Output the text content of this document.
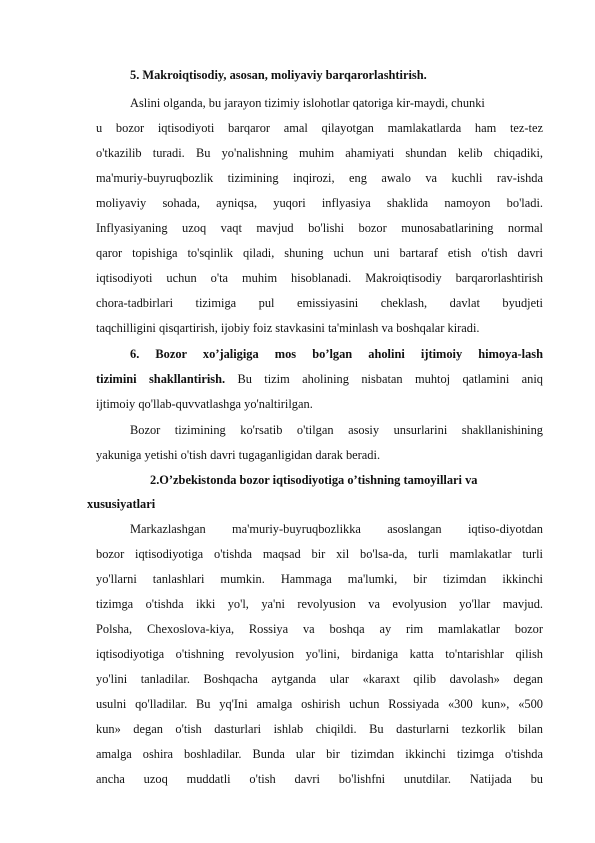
5. Makroiqtisodiy, asosan, moliyaviy barqarorlashtirish.
Aslini olganda, bu jarayon tizimiy islohotlar qatoriga kir-maydi, chunki
u bozor iqtisodiyoti barqaror amal qilayotgan mamlakatlarda ham tez-tez
o'tkazilib turadi. Bu yo'nalishning muhim ahamiyati shundan kelib chiqadiki,
ma'muriy-buyruqbozlik tizimining inqirozi, eng awalo va kuchli rav-ishda
moliyaviy sohada, ayniqsa, yuqori inflyasiya shaklida namoyon bo'ladi.
Inflyasiyaning uzoq vaqt mavjud bo'lishi bozor munosabatlarining normal
qaror topishiga to'sqinlik qiladi, shuning uchun uni bartaraf etish o'tish davri
iqtisodiyoti uchun o'ta muhim hisoblanadi. Makroiqtisodiy barqarorlashtirish
chora-tadbirlari tizimiga pul emissiyasini cheklash, davlat byudjeti
taqchilligini qisqartirish, ijobiy foiz stavkasini ta'minlash va boshqalar kiradi.
6. Bozor xo’jaligiga mos bo’lgan aholini ijtimoiy himoya-lash
tizimini shakllantirish. Bu tizim aholining nisbatan muhtoj qatlamini aniq
ijtimoiy qo'llab-quvvatlashga yo'naltirilgan.
Bozor tizimining ko'rsatib o'tilgan asosiy unsurlarini shakllanishining
yakuniga yetishi o'tish davri tugaganligidan darak beradi.
2.O’zbekistonda bozor iqtisodiyotiga o’tishning tamoyillari va
xususiyatlari
Markazlashgan ma'muriy-buyruqbozlikka asoslangan iqtiso-diyotdan
bozor iqtisodiyotiga o'tishda maqsad bir xil bo'lsa-da, turli mamlakatlar turli
yo'llarni tanlashlari mumkin. Hammaga ma'lumki, bir tizimdan ikkinchi
tizimga o'tishda ikki yo'l, ya'ni revolyusion va evolyusion yo'llar mavjud.
Polsha, Chexoslova-kiya, Rossiya va boshqa ay rim mamlakatlar bozor
iqtisodiyotiga o'tishning revolyusion yo'lini, birdaniga katta to'ntarishlar qilish
yo'lini tanladilar. Boshqacha aytganda ular «karaxt qilib davolash» degan
usulni qo'lladilar. Bu yq'Ini amalga oshirish uchun Rossiyada «300 kun», «500
kun» degan o'tish dasturlari ishlab chiqildi. Bu dasturlarni tezkorlik bilan
amalga oshira boshladilar. Bunda ular bir tizimdan ikkinchi tizimga o'tishda
ancha uzoq muddatli o'tish davri bo'lishfni unutdilar. Natijada bu
